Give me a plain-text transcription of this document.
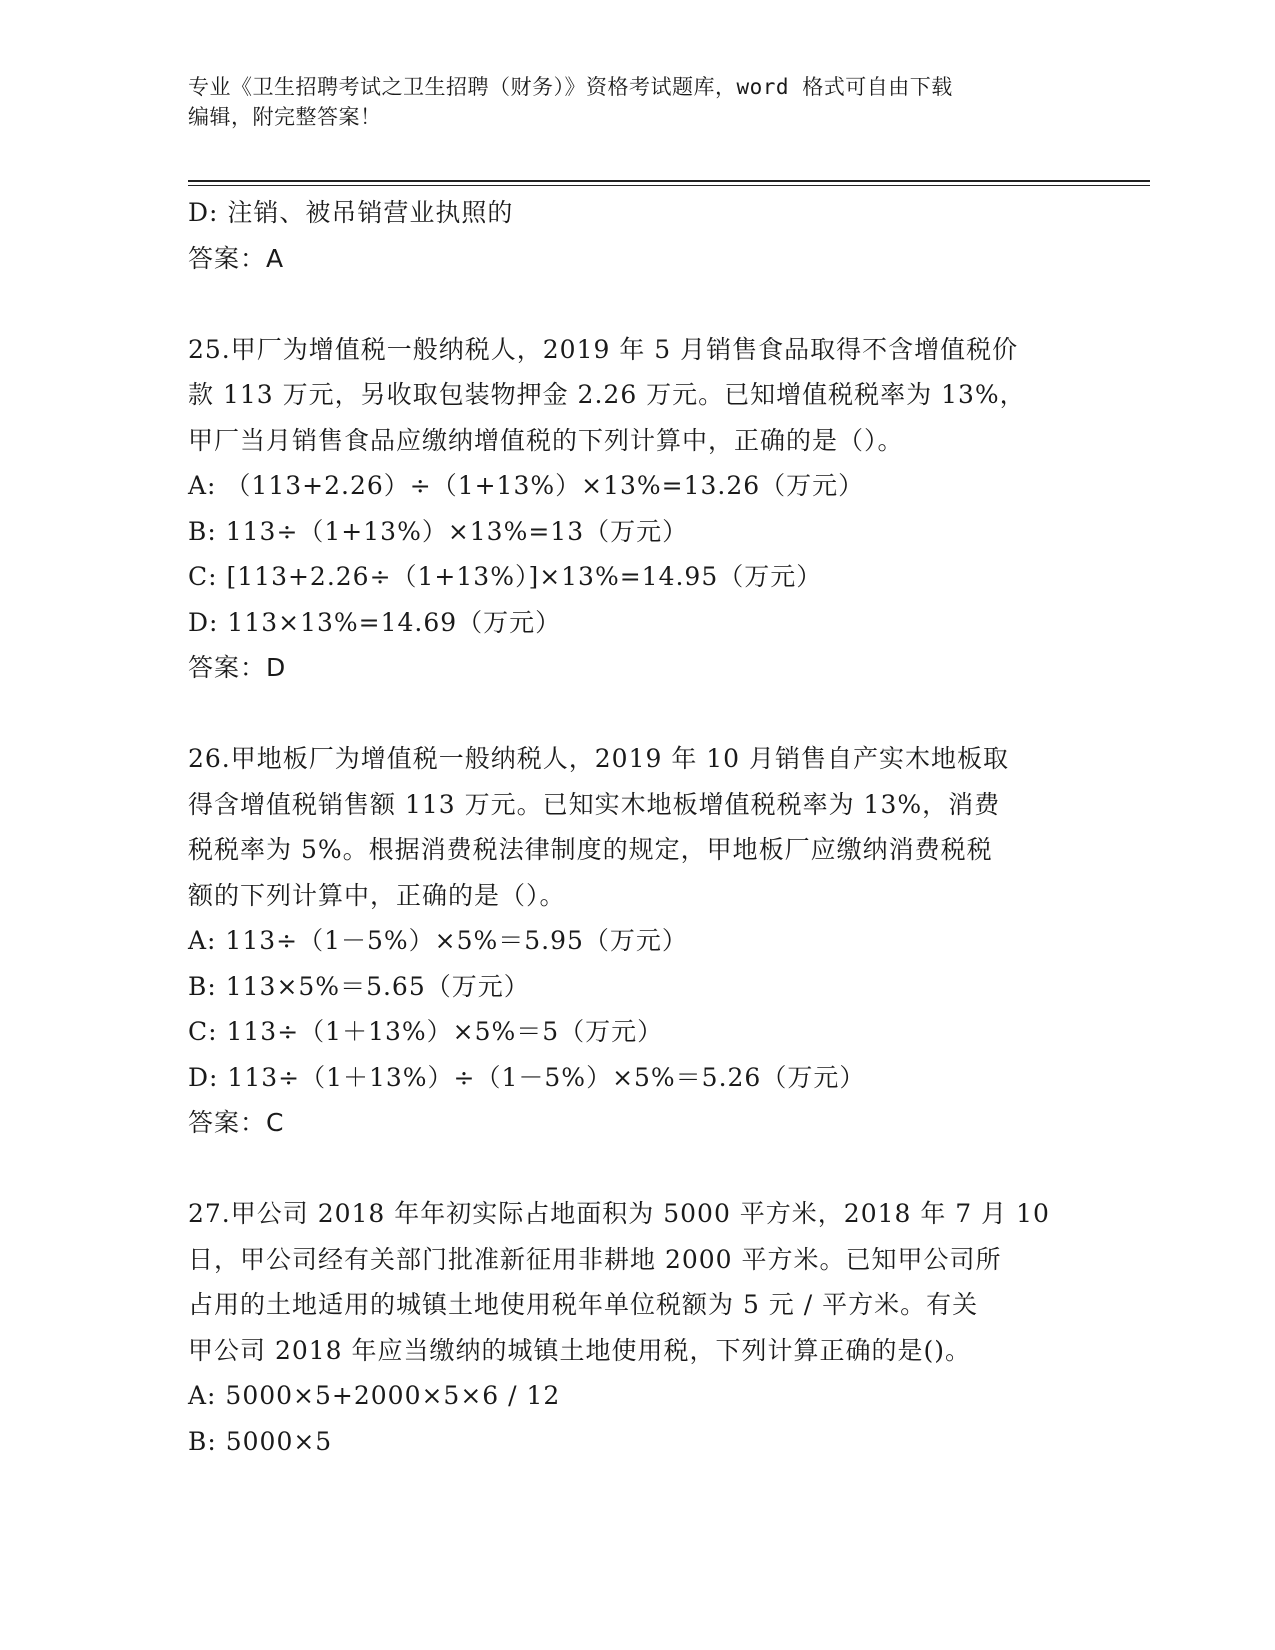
专业《卫生招聘考试之卫生招聘（财务）》资格考试题库，word 格式可自由下载
编辑，附完整答案！
D: 注销、被吊销营业执照的
答案：A
25.甲厂为增值税一般纳税人，2019 年 5 月销售食品取得不含增值税价
款 113 万元，另收取包装物押金 2.26 万元。已知增值税税率为 13%，
甲厂当月销售食品应缴纳增值税的下列计算中，正确的是（）。
A: （113+2.26）÷（1+13%）×13%=13.26（万元）
B: 113÷（1+13%）×13%=13（万元）
C: [113+2.26÷（1+13%）]×13%=14.95（万元）
D: 113×13%=14.69（万元）
答案：D
26.甲地板厂为增值税一般纳税人，2019 年 10 月销售自产实木地板取
得含增值税销售额 113 万元。已知实木地板增值税税率为 13%，消费
税税率为 5%。根据消费税法律制度的规定，甲地板厂应缴纳消费税税
额的下列计算中，正确的是（）。
A: 113÷（1－5%）×5%＝5.95（万元）
B: 113×5%＝5.65（万元）
C: 113÷（1＋13%）×5%＝5（万元）
D: 113÷（1＋13%）÷（1－5%）×5%＝5.26（万元）
答案：C
27.甲公司 2018 年年初实际占地面积为 5000 平方米，2018 年 7 月 10
日，甲公司经有关部门批准新征用非耕地 2000 平方米。已知甲公司所
占用的土地适用的城镇土地使用税年单位税额为 5 元 / 平方米。有关
甲公司 2018 年应当缴纳的城镇土地使用税，下列计算正确的是()。
A: 5000×5+2000×5×6 / 12
B: 5000×5
